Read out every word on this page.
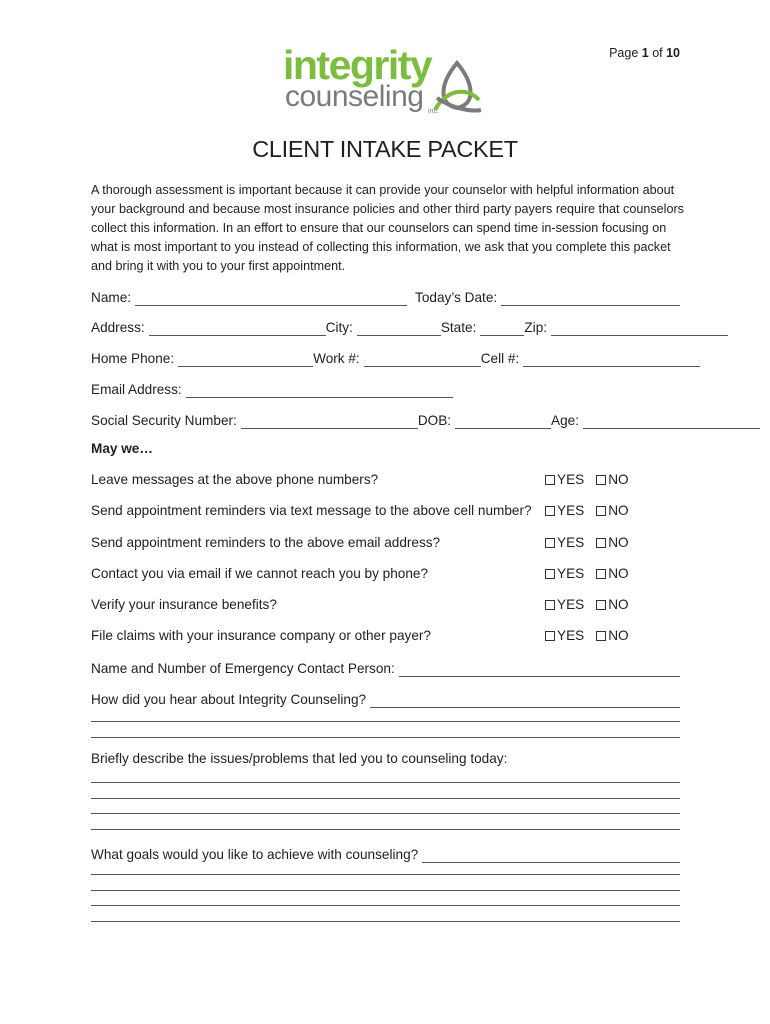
Page 1 of 10
integrity
counseling inc.
CLIENT INTAKE PACKET

A thorough assessment is important because it can provide your counselor with helpful information about your background and because most insurance policies and other third party payers require that counselors collect this information. In an effort to ensure that our counselors can spend time in-session focusing on what is most important to you instead of collecting this information, we ask that you complete this packet and bring it with you to your first appointment.

Name:	Today’s Date:
Address:	City:	State:	Zip:
Home Phone:	Work #:	Cell #:
Email Address:
Social Security Number:	DOB:	Age:
May we…
Leave messages at the above phone numbers?	YES NO
Send appointment reminders via text message to the above cell number? YES NO
Send appointment reminders to the above email address?	YES NO
Contact you via email if we cannot reach you by phone?	YES NO
Verify your insurance benefits?	YES NO
File claims with your insurance company or other payer?	YES NO
Name and Number of Emergency Contact Person:
How did you hear about Integrity Counseling?
Briefly describe the issues/problems that led you to counseling today:
What goals would you like to achieve with counseling?
